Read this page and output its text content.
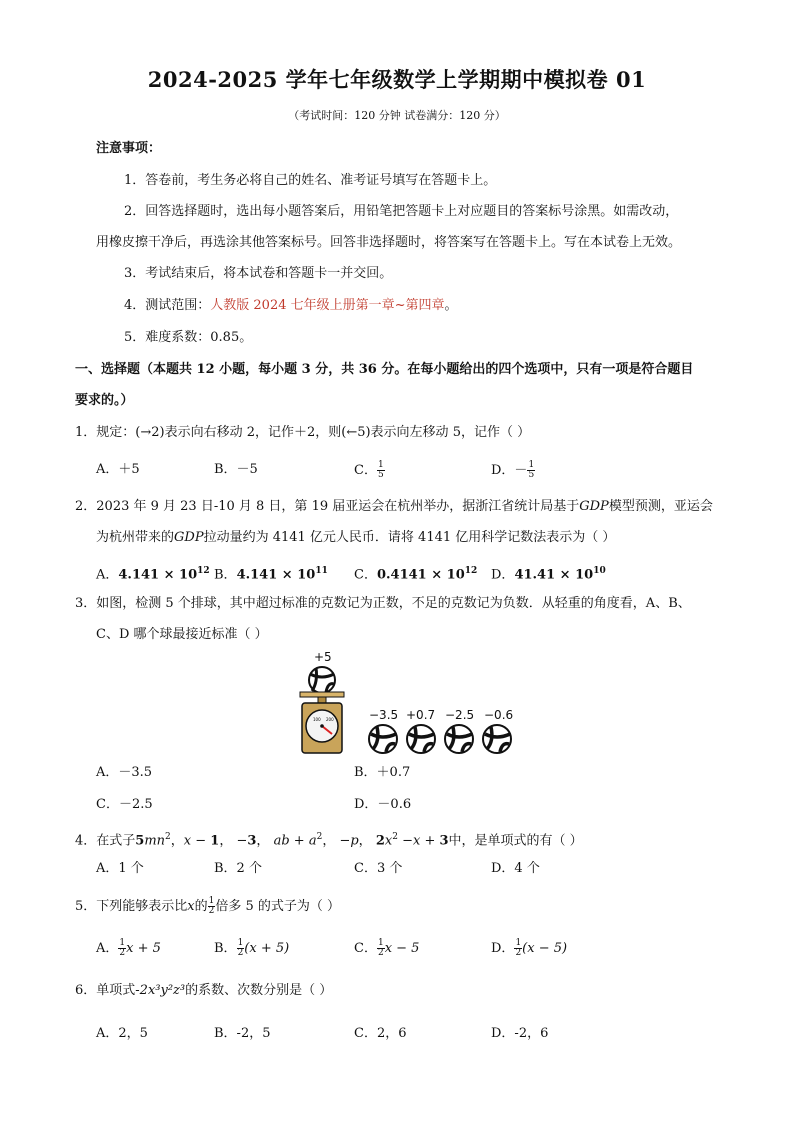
2024-2025 学年七年级数学上学期期中模拟卷 01
（考试时间：120 分钟 试卷满分：120 分）
注意事项：
1．答卷前，考生务必将自己的姓名、准考证号填写在答题卡上。
2．回答选择题时，选出每小题答案后，用铅笔把答题卡上对应题目的答案标号涂黑。如需改动，
用橡皮擦干净后，再选涂其他答案标号。回答非选择题时，将答案写在答题卡上。写在本试卷上无效。
3．考试结束后，将本试卷和答题卡一并交回。
4．测试范围：人教版 2024 七年级上册第一章~第四章。
5．难度系数：0.85。
一、选择题（本题共 12 小题，每小题 3 分，共 36 分。在每小题给出的四个选项中，只有一项是符合题目
要求的。）
1．规定：(→2)表示向右移动 2，记作＋2，则(←5)表示向左移动 5，记作（ ）
A．＋5	B．－5	C． $\frac{1}{5}$	D．－ $\frac{1}{5}$
2．2023 年 9 月 23 日-10 月 8 日，第 19 届亚运会在杭州举办，据浙江省统计局基于GDP模型预测，亚运会
为杭州带来的GDP拉动量约为 4141 亿元人民币．请将 4141 亿用科学记数法表示为（ ）
A．$4.141 \times 10^{12}$ B．$4.141 \times 10^{11}$ C．$0.4141 \times 10^{12}$ D．$41.41 \times 10^{10}$
3．如图，检测 5 个排球，其中超过标准的克数记为正数，不足的克数记为负数．从轻重的角度看，A、B、
C、D 哪个球最接近标准（ ）
+5
100 200	−3.5 +0.7 −2.5 −0.6
A．－3.5	B．＋0.7
C．－2.5	D．－0.6
4．在式子$5mn^2$，x − 1， −3， ab + $a^2$， −p， $2x^2 -x + 3$中，是单项式的有（ ）
A．1 个	B．2 个	C．3 个	D．4 个
5．下列能够表示比x的 $\frac{1}{2}$ 倍多 5 的式子为（ ）
A． $\frac{1}{2}$ x + 5	B． $\frac{1}{2} (x + 5)$	C． $\frac{1}{2}$ x − 5	D． $\frac{1}{2} (x - 5)$
6．单项式-2x³y²z³的系数、次数分别是（ ）
A．2，5	B．-2，5	C．2，6	D．-2，6
